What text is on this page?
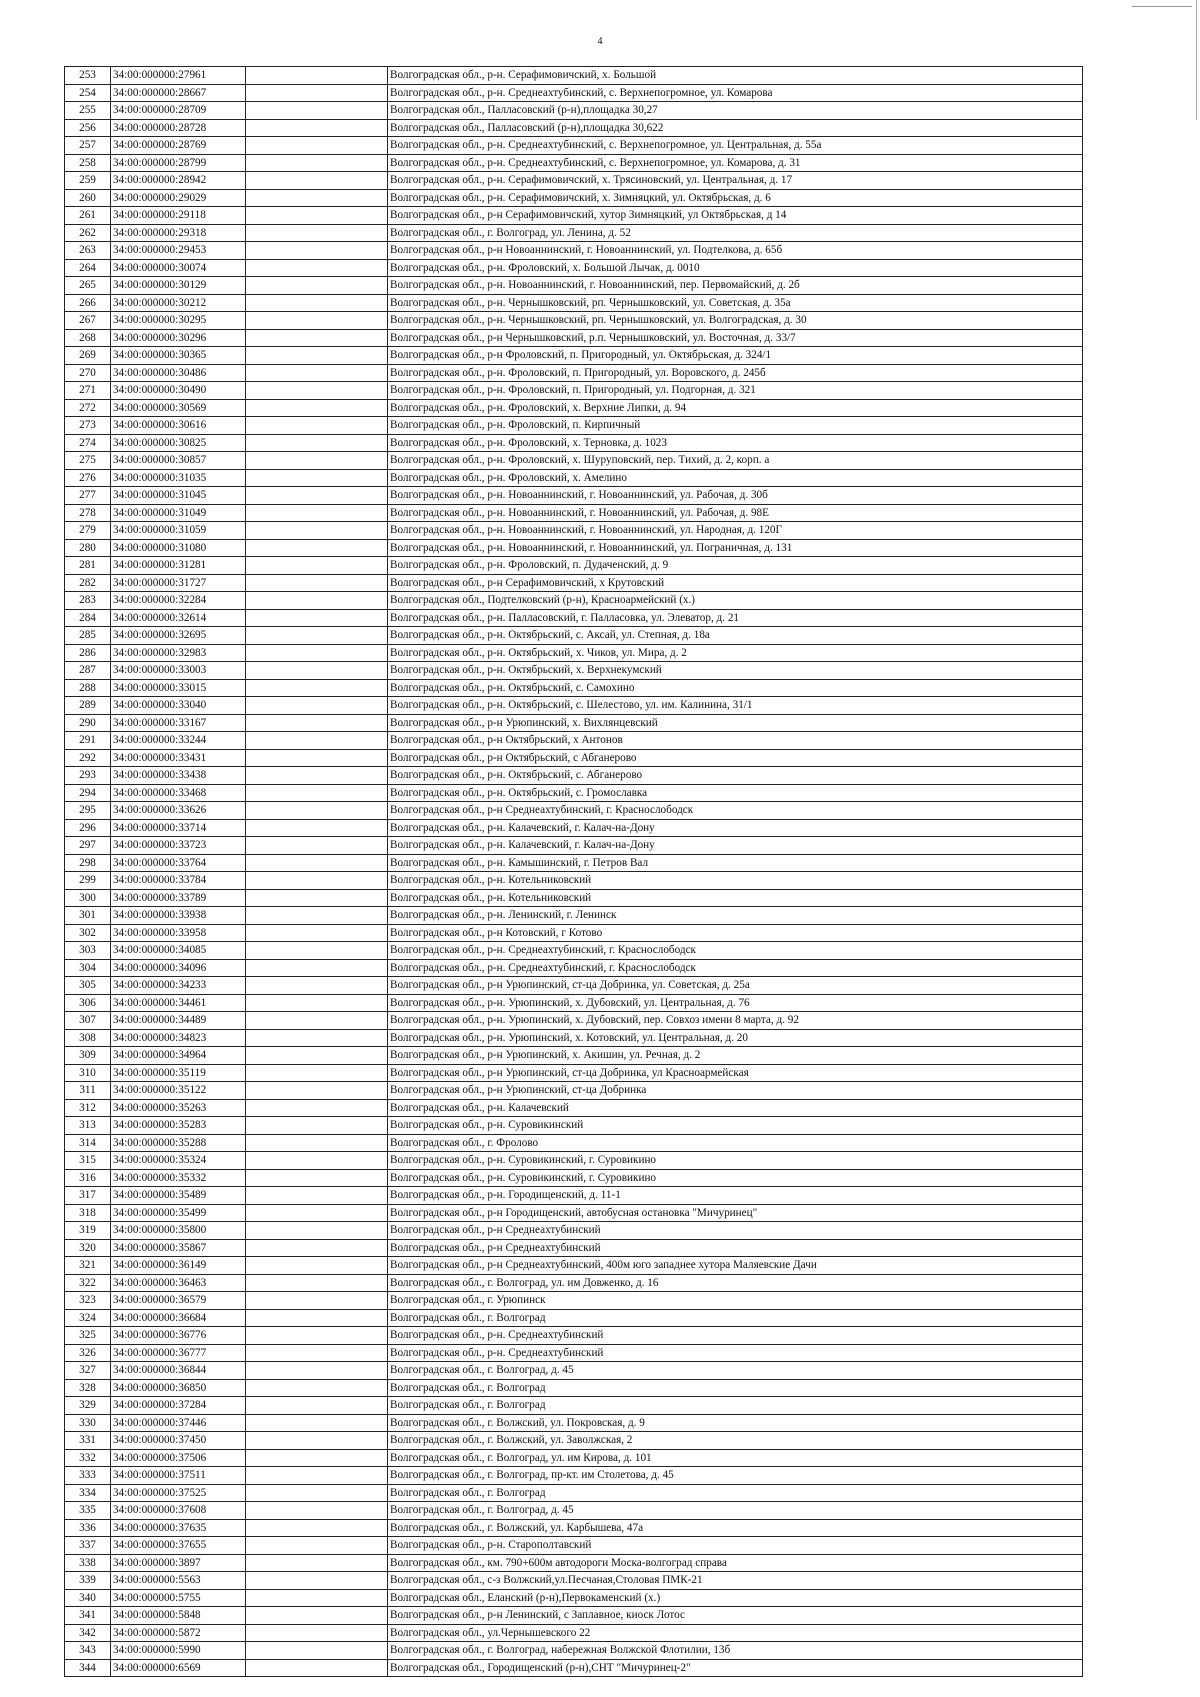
4
253	34:00:000000:27961		Волгоградская обл., р-н. Серафимовичский, х. Большой
254	34:00:000000:28667		Волгоградская обл., р-н. Среднеахтубинский, с. Верхнепогромное, ул. Комарова
255	34:00:000000:28709		Волгоградская обл., Палласовский (р-н),площадка 30,27
256	34:00:000000:28728		Волгоградская обл., Палласовский (р-н),площадка 30,622
257	34:00:000000:28769		Волгоградская обл., р-н. Среднеахтубинский, с. Верхнепогромное, ул. Центральная, д. 55а
258	34:00:000000:28799		Волгоградская обл., р-н. Среднеахтубинский, с. Верхнепогромное, ул. Комарова, д. 31
259	34:00:000000:28942		Волгоградская обл., р-н. Серафимовичский, х. Трясиновский, ул. Центральная, д. 17
260	34:00:000000:29029		Волгоградская обл., р-н. Серафимовичский, х. Зимняцкий, ул. Октябрьская, д. 6
261	34:00:000000:29118		Волгоградская обл., р-н Серафимовичский, хутор Зимняцкий, ул Октябрьская, д 14
262	34:00:000000:29318		Волгоградская обл., г. Волгоград, ул. Ленина, д. 52
263	34:00:000000:29453		Волгоградская обл., р-н Новоаннинский, г. Новоаннинский, ул. Подтелкова, д. 65б
264	34:00:000000:30074		Волгоградская обл., р-н. Фроловский, х. Большой Лычак, д. 0010
265	34:00:000000:30129		Волгоградская обл., р-н. Новоаннинский, г. Новоаннинский, пер. Первомайский, д. 2б
266	34:00:000000:30212		Волгоградская обл., р-н. Чернышковский, рп. Чернышковский, ул. Советская, д. 35а
267	34:00:000000:30295		Волгоградская обл., р-н. Чернышковский, рп. Чернышковский, ул. Волгоградская, д. 30
268	34:00:000000:30296		Волгоградская обл., р-н Чернышковский, р.п. Чернышковский, ул. Восточная, д. 33/7
269	34:00:000000:30365		Волгоградская обл., р-н Фроловский, п. Пригородный, ул. Октябрьская, д. 324/1
270	34:00:000000:30486		Волгоградская обл., р-н. Фроловский, п. Пригородный, ул. Воровского, д. 245б
271	34:00:000000:30490		Волгоградская обл., р-н. Фроловский, п. Пригородный, ул. Подгорная, д. 321
272	34:00:000000:30569		Волгоградская обл., р-н. Фроловский, х. Верхние Липки, д. 94
273	34:00:000000:30616		Волгоградская обл., р-н. Фроловский, п. Кирпичный
274	34:00:000000:30825		Волгоградская обл., р-н. Фроловский, х. Терновка, д. 1023
275	34:00:000000:30857		Волгоградская обл., р-н. Фроловский, х. Шуруповский, пер. Тихий, д. 2, корп. а
276	34:00:000000:31035		Волгоградская обл., р-н. Фроловский, х. Амелино
277	34:00:000000:31045		Волгоградская обл., р-н. Новоаннинский, г. Новоаннинский, ул. Рабочая, д. 30б
278	34:00:000000:31049		Волгоградская обл., р-н. Новоаннинский, г. Новоаннинский, ул. Рабочая, д. 98Е
279	34:00:000000:31059		Волгоградская обл., р-н. Новоаннинский, г. Новоаннинский, ул. Народная, д. 120Г
280	34:00:000000:31080		Волгоградская обл., р-н. Новоаннинский, г. Новоаннинский, ул. Пограничная, д. 131
281	34:00:000000:31281		Волгоградская обл., р-н. Фроловский, п. Дудаченский, д. 9
282	34:00:000000:31727		Волгоградская обл., р-н Серафимовичский, х Крутовский
283	34:00:000000:32284		Волгоградская обл., Подтелковский (р-н), Красноармейский (х.)
284	34:00:000000:32614		Волгоградская обл., р-н. Палласовский, г. Палласовка, ул. Элеватор, д. 21
285	34:00:000000:32695		Волгоградская обл., р-н. Октябрьский, с. Аксай, ул. Степная, д. 18а
286	34:00:000000:32983		Волгоградская обл., р-н. Октябрьский, х. Чиков, ул. Мира, д. 2
287	34:00:000000:33003		Волгоградская обл., р-н. Октябрьский, х. Верхнекумский
288	34:00:000000:33015		Волгоградская обл., р-н. Октябрьский, с. Самохино
289	34:00:000000:33040		Волгоградская обл., р-н. Октябрьский, с. Шелестово, ул. им. Калинина, 31/1
290	34:00:000000:33167		Волгоградская обл., р-н Урюпинский, х. Вихлянцевский
291	34:00:000000:33244		Волгоградская обл., р-н Октябрьский, х Антонов
292	34:00:000000:33431		Волгоградская обл., р-н Октябрьский, с Абганерово
293	34:00:000000:33438		Волгоградская обл., р-н. Октябрьский, с. Абганерово
294	34:00:000000:33468		Волгоградская обл., р-н. Октябрьский, с. Громославка
295	34:00:000000:33626		Волгоградская обл., р-н Среднеахтубинский, г. Краснослободск
296	34:00:000000:33714		Волгоградская обл., р-н. Калачевский, г. Калач-на-Дону
297	34:00:000000:33723		Волгоградская обл., р-н. Калачевский, г. Калач-на-Дону
298	34:00:000000:33764		Волгоградская обл., р-н. Камышинский, г. Петров Вал
299	34:00:000000:33784		Волгоградская обл., р-н. Котельниковский
300	34:00:000000:33789		Волгоградская обл., р-н. Котельниковский
301	34:00:000000:33938		Волгоградская обл., р-н. Ленинский, г. Ленинск
302	34:00:000000:33958		Волгоградская обл., р-н Котовский, г Котово
303	34:00:000000:34085		Волгоградская обл., р-н. Среднеахтубинский, г. Краснослободск
304	34:00:000000:34096		Волгоградская обл., р-н. Среднеахтубинский, г. Краснослободск
305	34:00:000000:34233		Волгоградская обл., р-н Урюпинский, ст-ца Добринка, ул. Советская, д. 25а
306	34:00:000000:34461		Волгоградская обл., р-н. Урюпинский, х. Дубовский, ул. Центральная, д. 76
307	34:00:000000:34489		Волгоградская обл., р-н. Урюпинский, х. Дубовский, пер. Совхоз имени 8 марта, д. 92
308	34:00:000000:34823		Волгоградская обл., р-н. Урюпинский, х. Котовский, ул. Центральная, д. 20
309	34:00:000000:34964		Волгоградская обл., р-н Урюпинский, х. Акишин, ул. Речная, д. 2
310	34:00:000000:35119		Волгоградская обл., р-н Урюпинский, ст-ца Добринка, ул Красноармейская
311	34:00:000000:35122		Волгоградская обл., р-н Урюпинский, ст-ца Добринка
312	34:00:000000:35263		Волгоградская обл., р-н. Калачевский
313	34:00:000000:35283		Волгоградская обл., р-н. Суровикинский
314	34:00:000000:35288		Волгоградская обл., г. Фролово
315	34:00:000000:35324		Волгоградская обл., р-н. Суровикинский, г. Суровикино
316	34:00:000000:35332		Волгоградская обл., р-н. Суровикинский, г. Суровикино
317	34:00:000000:35489		Волгоградская обл., р-н. Городищенский, д. 11-1
318	34:00:000000:35499		Волгоградская обл., р-н Городищенский, автобусная остановка "Мичуринец"
319	34:00:000000:35800		Волгоградская обл., р-н Среднеахтубинский
320	34:00:000000:35867		Волгоградская обл., р-н Среднеахтубинский
321	34:00:000000:36149		Волгоградская обл., р-н Среднеахтубинский, 400м юго западнее хутора Маляевские Дачи
322	34:00:000000:36463		Волгоградская обл., г. Волгоград, ул. им Довженко, д. 16
323	34:00:000000:36579		Волгоградская обл., г. Урюпинск
324	34:00:000000:36684		Волгоградская обл., г. Волгоград
325	34:00:000000:36776		Волгоградская обл., р-н. Среднеахтубинский
326	34:00:000000:36777		Волгоградская обл., р-н. Среднеахтубинский
327	34:00:000000:36844		Волгоградская обл., г. Волгоград, д. 45
328	34:00:000000:36850		Волгоградская обл., г. Волгоград
329	34:00:000000:37284		Волгоградская обл., г. Волгоград
330	34:00:000000:37446		Волгоградская обл., г. Волжский, ул. Покровская, д. 9
331	34:00:000000:37450		Волгоградская обл., г. Волжский, ул. Заволжская, 2
332	34:00:000000:37506		Волгоградская обл., г. Волгоград, ул. им Кирова, д. 101
333	34:00:000000:37511		Волгоградская обл., г. Волгоград, пр-кт. им Столетова, д. 45
334	34:00:000000:37525		Волгоградская обл., г. Волгоград
335	34:00:000000:37608		Волгоградская обл., г. Волгоград, д. 45
336	34:00:000000:37635		Волгоградская обл., г. Волжский, ул. Карбышева, 47а
337	34:00:000000:37655		Волгоградская обл., р-н. Старополтавский
338	34:00:000000:3897		Волгоградская обл., км. 790+600м автодороги Моска-волгоград справа
339	34:00:000000:5563		Волгоградская обл., с-з Волжский,ул.Песчаная,Столовая ПМК-21
340	34:00:000000:5755		Волгоградская обл., Еланский (р-н),Первокаменский (х.)
341	34:00:000000:5848		Волгоградская обл., р-н Ленинский, с Заплавное, киоск Лотос
342	34:00:000000:5872		Волгоградская обл., ул.Чернышевского 22
343	34:00:000000:5990		Волгоградская обл., г. Волгоград, набережная Волжской Флотилии, 13б
344	34:00:000000:6569		Волгоградская обл., Городищенский (р-н),СНТ "Мичуринец-2"
